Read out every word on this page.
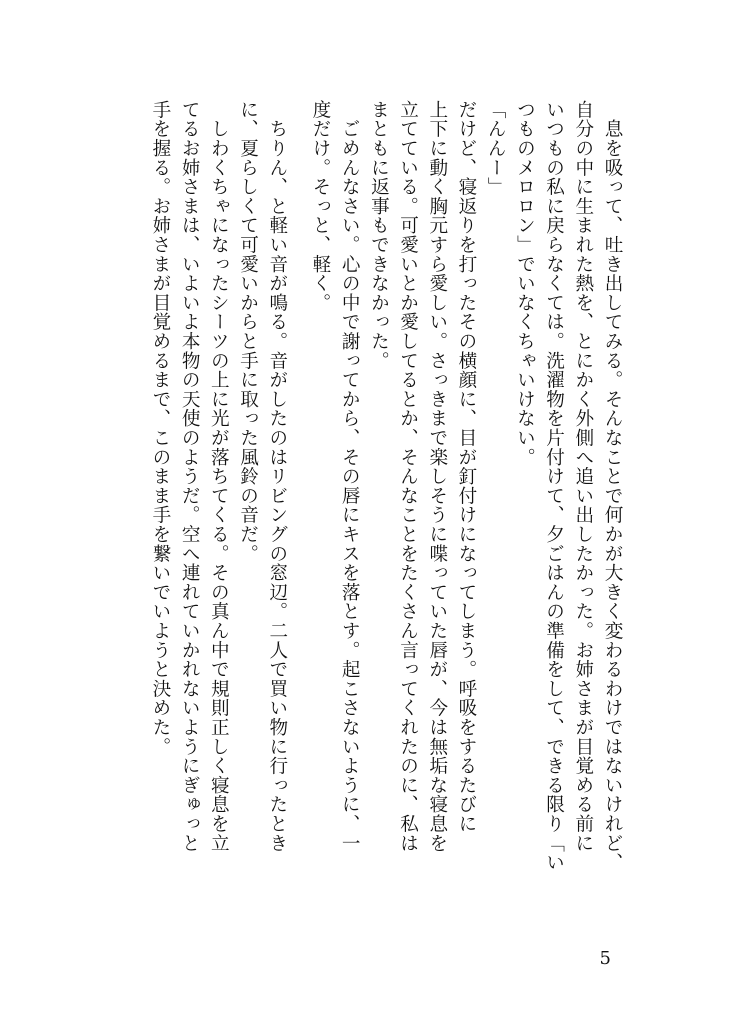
　息を吸って、吐き出してみる。そんなことで何かが大きく変わるわけではないけれど、
自分の中に生まれた熱を、とにかく外側へ追い出したかった。お姉さまが目覚める前に
いつもの私に戻らなくては。洗濯物を片付けて、夕ごはんの準備をして、できる限り「い
つものメロロン」でいなくちゃいけない。
「んんー」
だけど、寝返りを打ったその横顔に、目が釘付けになってしまう。呼吸をするたびに
上下に動く胸元すら愛しい。さっきまで楽しそうに喋っていた唇が、今は無垢な寝息を
立てている。可愛いとか愛してるとか、そんなことをたくさん言ってくれたのに、私は
まともに返事もできなかった。
　ごめんなさい。心の中で謝ってから、その唇にキスを落とす。起こさないように、一
度だけ。そっと、軽く。
　ちりん、と軽い音が鳴る。音がしたのはリビングの窓辺。二人で買い物に行ったとき
に、夏らしくて可愛いからと手に取った風鈴の音だ。
　しわくちゃになったシーツの上に光が落ちてくる。その真ん中で規則正しく寝息を立
てるお姉さまは、いよいよ本物の天使のようだ。空へ連れていかれないようにぎゅっと
手を握る。お姉さまが目覚めるまで、このまま手を繋いでいようと決めた。
5
